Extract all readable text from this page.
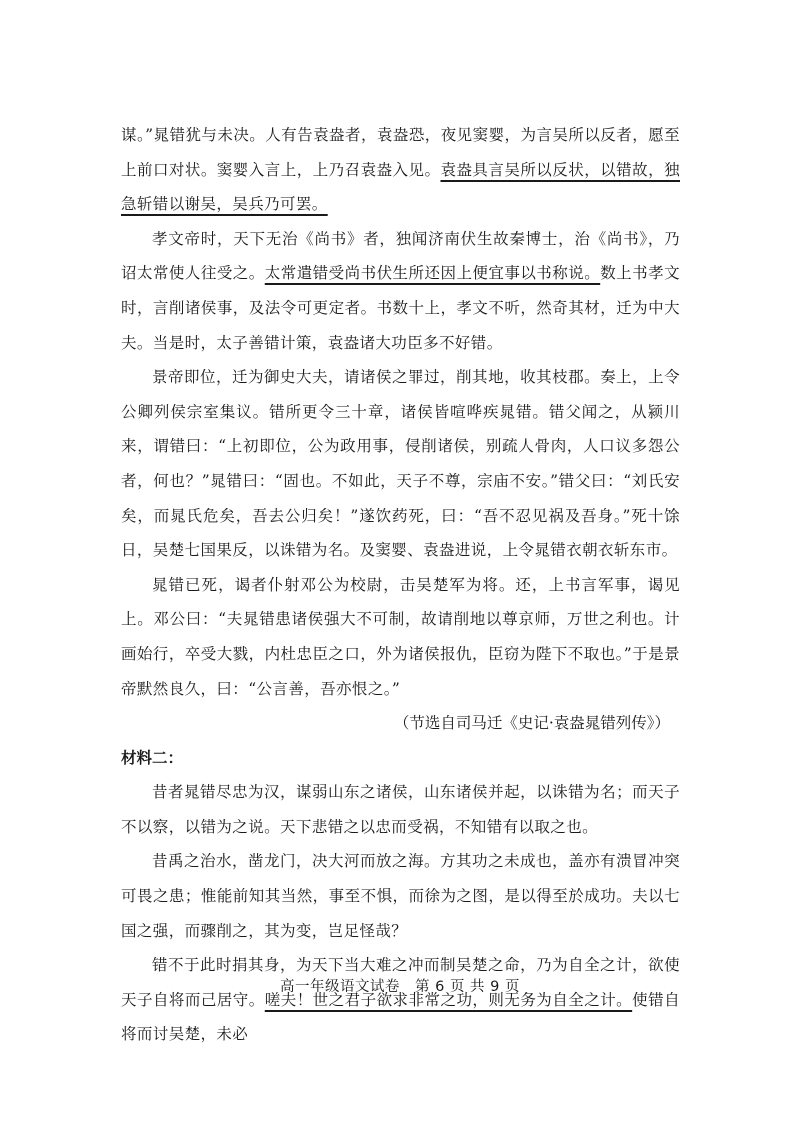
谋。”晁错犹与未决。人有告袁盎者，袁盎恐，夜见窦婴，为言吴所以反者，愿至上前口对状。窦婴入言上，上乃召袁盎入见。袁盎具言吴所以反状，以错故，独急斩错以谢吴，吴兵乃可罢。

孝文帝时，天下无治《尚书》者，独闻济南伏生故秦博士，治《尚书》，乃诏太常使人往受之。太常遣错受尚书伏生所还因上便宜事以书称说。数上书孝文时，言削诸侯事，及法令可更定者。书数十上，孝文不听，然奇其材，迁为中大夫。当是时，太子善错计策，袁盎诸大功臣多不好错。

景帝即位，迁为御史大夫，请诸侯之罪过，削其地，收其枝郡。奏上，上令公卿列侯宗室集议。错所更令三十章，诸侯皆喧哗疾晁错。错父闻之，从颍川来，谓错曰：“上初即位，公为政用事，侵削诸侯，别疏人骨肉，人口议多怨公者，何也？”晁错曰：“固也。不如此，天子不尊，宗庙不安。”错父曰：“刘氏安矣，而晁氏危矣，吾去公归矣！”遂饮药死，曰：“吾不忍见祸及吾身。”死十馀日，吴楚七国果反，以诛错为名。及窦婴、袁盎进说，上令晁错衣朝衣斩东市。

晁错已死，谒者仆射邓公为校尉，击吴楚军为将。还，上书言军事，谒见上。邓公曰：“夫晁错患诸侯强大不可制，故请削地以尊京师，万世之利也。计画始行，卒受大戮，内杜忠臣之口，外为诸侯报仇，臣窃为陛下不取也。”于是景帝默然良久，曰：“公言善，吾亦恨之。”

（节选自司马迁《史记·袁盎晁错列传》）

材料二：

昔者晁错尽忠为汉，谋弱山东之诸侯，山东诸侯并起，以诛错为名；而天子不以察，以错为之说。天下悲错之以忠而受祸，不知错有以取之也。

昔禹之治水，凿龙门，决大河而放之海。方其功之未成也，盖亦有溃冒冲突可畏之患；惟能前知其当然，事至不惧，而徐为之图，是以得至於成功。夫以七国之强，而骤削之，其为变，岂足怪哉？

错不于此时捐其身，为天下当大难之冲而制吴楚之命，乃为自全之计，欲使天子自将而己居守。嗟夫！世之君子欲求非常之功，则无务为自全之计。使错自将而讨吴楚，未必

高一年级语文试卷　第 6 页 共 9 页
